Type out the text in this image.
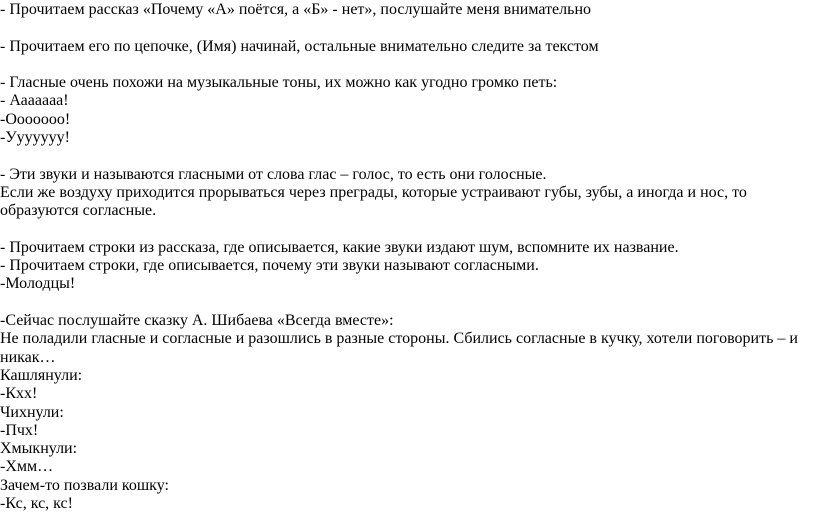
- Прочитаем рассказ «Почему «А» поётся, а «Б» - нет», послушайте меня внимательно

- Прочитаем его по цепочке, (Имя) начинай, остальные внимательно следите за текстом

- Гласные очень похожи на музыкальные тоны, их можно как угодно громко петь:

- Ааааааа!

-Ооооооо!

-Ууууууу!

- Эти звуки и называются гласными от слова глас – голос, то есть они голосные.

Если же воздуху приходится прорываться через преграды, которые устраивают губы, зубы, а иногда и нос, то

образуются согласные.

- Прочитаем строки из рассказа, где описывается, какие звуки издают шум, вспомните их название.

- Прочитаем строки, где описывается, почему эти звуки называют согласными.

-Молодцы!

-Сейчас послушайте сказку А. Шибаева «Всегда вместе»:

Не поладили гласные и согласные и разошлись в разные стороны. Сбились согласные в кучку, хотели поговорить – и

никак…

Кашлянули:

-Кхх!

Чихнули:

-Пчх!

Хмыкнули:

-Хмм…

Зачем-то позвали кошку:

-Кс, кс, кс!
